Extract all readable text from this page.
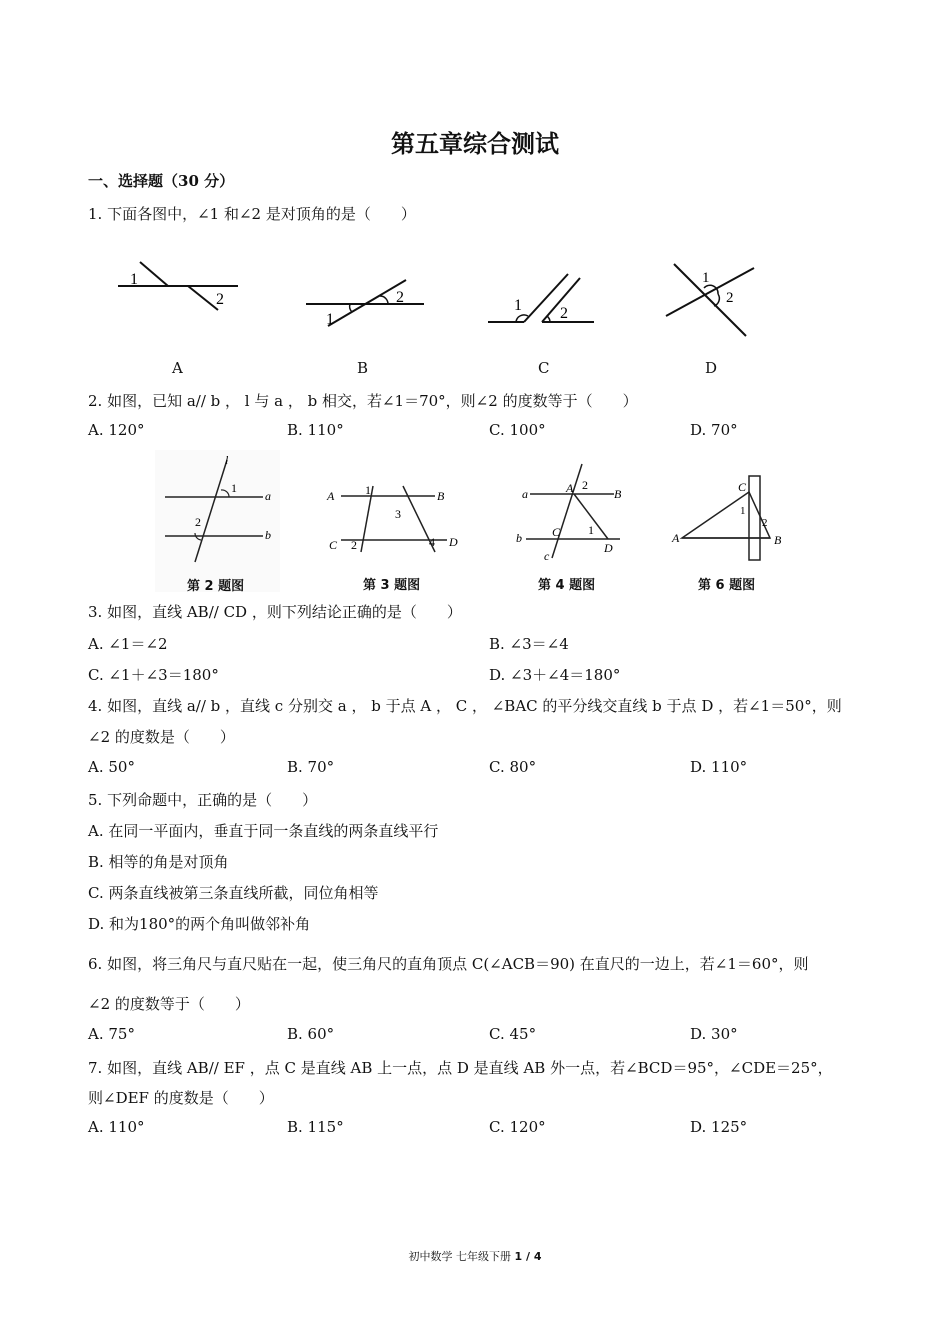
第五章综合测试
一、选择题（30 分）
1. 下面各图中，∠1 和∠2 是对顶角的是（　　）
1
2
1
2	1 2
1
2
A	B	C	D
2. 如图，已知 a// b ， l 与 a ， b 相交，若∠1＝70°，则∠2 的度数等于（　　）
A. 120°	B. 110°	C. 100°	D. 70°
l
1
a
2
b
第 2 题图
A	1	B
3
C 2	4 D
第 3 题图
a	A 2
B
C 1
b
D
c
第 4 题图
C
1
2
A	B
第 6 题图
3. 如图，直线 AB// CD ，则下列结论正确的是（　　）
A. ∠1＝∠2	B. ∠3＝∠4
C. ∠1＋∠3＝180°	D. ∠3＋∠4＝180°
4. 如图，直线 a// b ，直线 c 分别交 a ， b 于点 A ， C ， ∠BAC 的平分线交直线 b 于点 D ，若∠1＝50°，则
∠2 的度数是（　　）
A. 50°	B. 70°	C. 80°	D. 110°
5. 下列命题中，正确的是（　　）
A. 在同一平面内，垂直于同一条直线的两条直线平行
B. 相等的角是对顶角
C. 两条直线被第三条直线所截，同位角相等
D. 和为180°的两个角叫做邻补角
6. 如图，将三角尺与直尺贴在一起，使三角尺的直角顶点 C(∠ACB＝90) 在直尺的一边上，若∠1＝60°，则
∠2 的度数等于（　　）
A. 75°	B. 60°	C. 45°	D. 30°
7. 如图，直线 AB// EF ，点 C 是直线 AB 上一点，点 D 是直线 AB 外一点，若∠BCD＝95°，∠CDE＝25°，
则∠DEF 的度数是（　　）
A. 110°	B. 115°	C. 120°	D. 125°
初中数学 七年级下册 1 / 4
